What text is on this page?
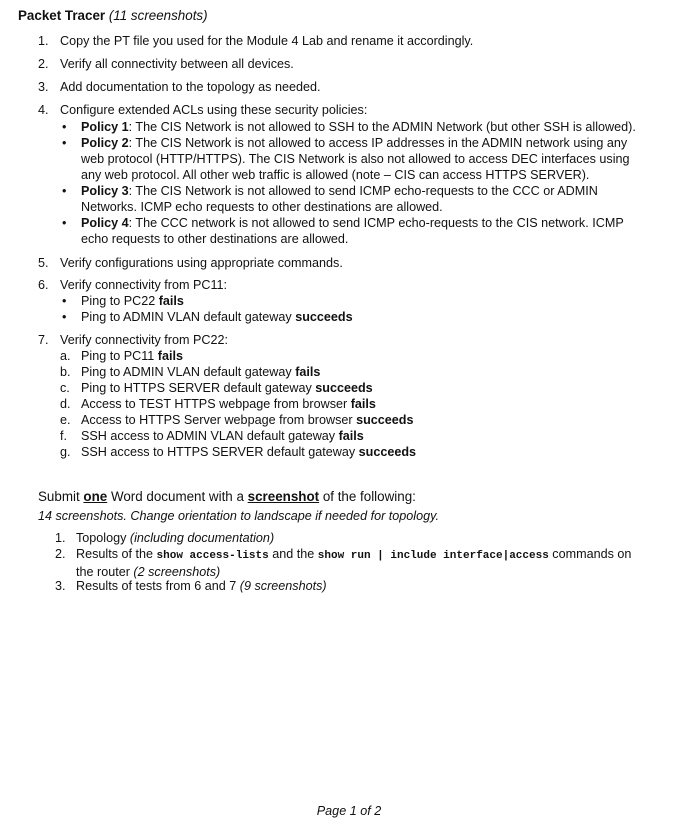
Packet Tracer (11 screenshots)
1. Copy the PT file you used for the Module 4 Lab and rename it accordingly.
2. Verify all connectivity between all devices.
3. Add documentation to the topology as needed.
4. Configure extended ACLs using these security policies:
• Policy 1: The CIS Network is not allowed to SSH to the ADMIN Network (but other SSH is allowed).
• Policy 2: The CIS Network is not allowed to access IP addresses in the ADMIN network using any web protocol (HTTP/HTTPS). The CIS Network is also not allowed to access DEC interfaces using any web protocol. All other web traffic is allowed (note – CIS can access HTTPS SERVER).
• Policy 3: The CIS Network is not allowed to send ICMP echo-requests to the CCC or ADMIN Networks. ICMP echo requests to other destinations are allowed.
• Policy 4: The CCC network is not allowed to send ICMP echo-requests to the CIS network. ICMP echo requests to other destinations are allowed.
5. Verify configurations using appropriate commands.
6. Verify connectivity from PC11:
• Ping to PC22 fails
• Ping to ADMIN VLAN default gateway succeeds
7. Verify connectivity from PC22:
a. Ping to PC11 fails
b. Ping to ADMIN VLAN default gateway fails
c. Ping to HTTPS SERVER default gateway succeeds
d. Access to TEST HTTPS webpage from browser fails
e. Access to HTTPS Server webpage from browser succeeds
f. SSH access to ADMIN VLAN default gateway fails
g. SSH access to HTTPS SERVER default gateway succeeds
Submit one Word document with a screenshot of the following:
14 screenshots. Change orientation to landscape if needed for topology.
1. Topology (including documentation)
2. Results of the show access-lists and the show run | include interface|access commands on
the router (2 screenshots)
3. Results of tests from 6 and 7 (9 screenshots)
Page 1 of 2
